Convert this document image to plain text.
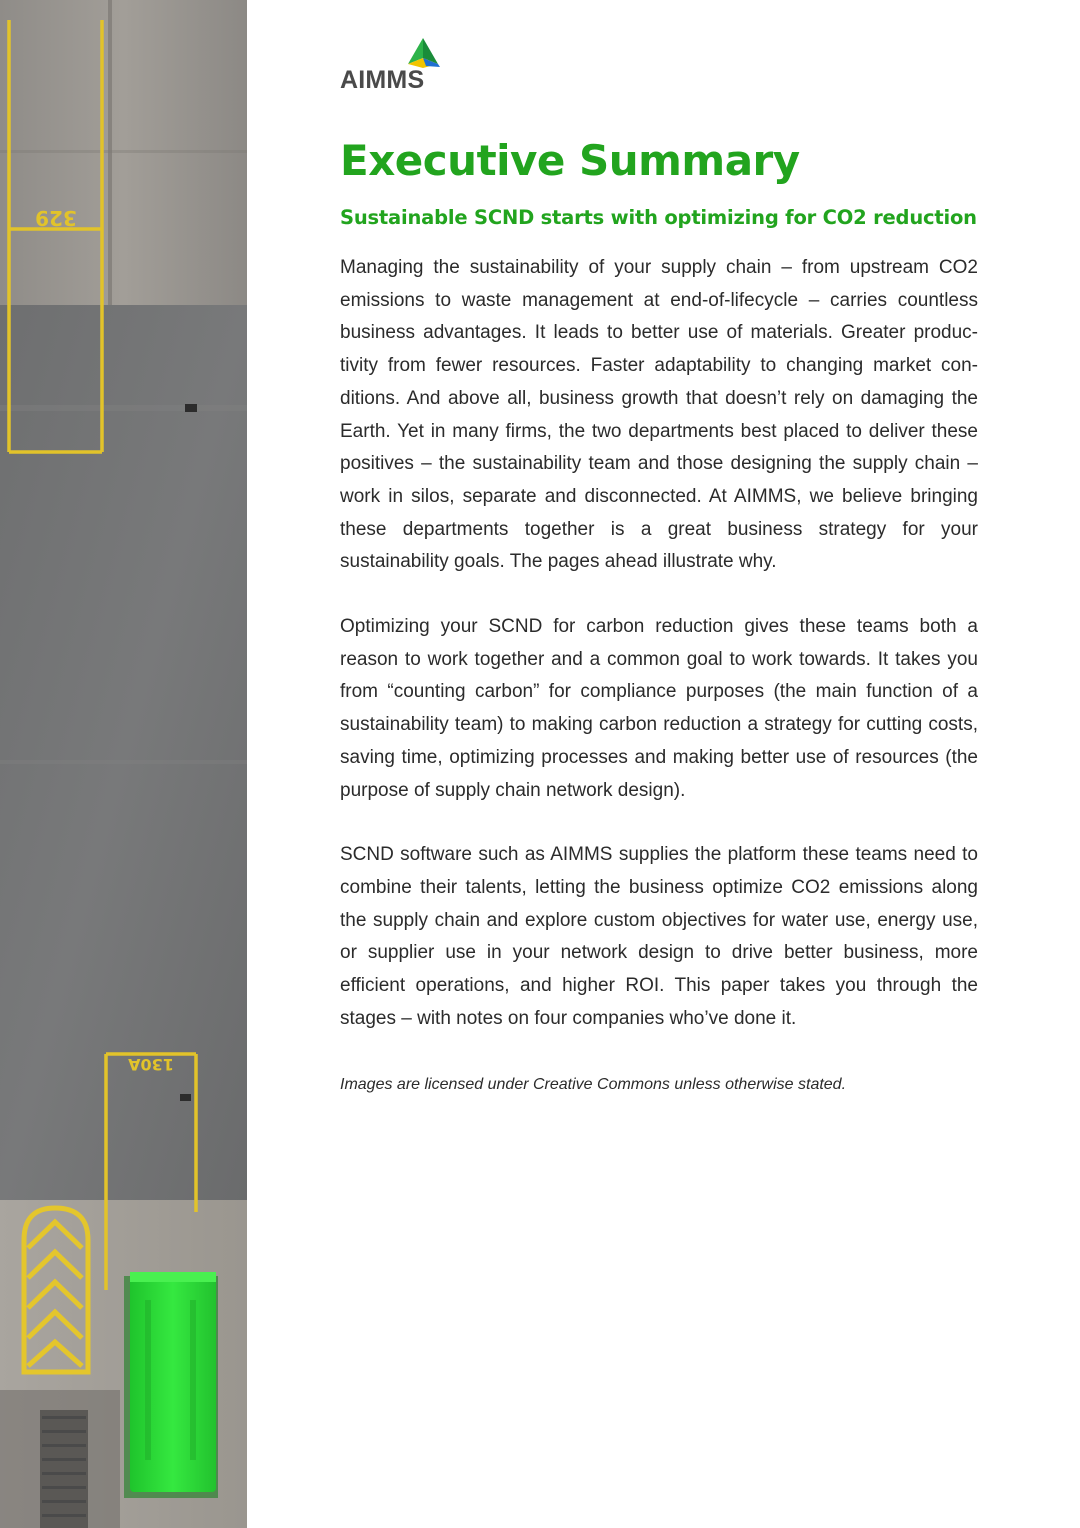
329
130A
AIMMS
Executive Summary
Sustainable SCND starts with optimizing for CO2 reduction

Managing the sustainability of your supply chain – from upstream CO2 emissions to waste management at end-of-lifecycle – carries countless business advantages. It leads to better use of materials. Greater productivity from fewer resources. Faster adaptability to changing market conditions. And above all, business growth that doesn’t rely on damaging the Earth. Yet in many firms, the two departments best placed to deliver these positives – the sustainability team and those designing the supply chain – work in silos, separate and disconnected. At AIMMS, we believe bringing these departments together is a great business strategy for your sustainability goals. The pages ahead illustrate why.

Optimizing your SCND for carbon reduction gives these teams both a reason to work together and a common goal to work towards. It takes you from “counting carbon” for compliance purposes (the main function of a sustainability team) to making carbon reduction a strategy for cutting costs, saving time, optimizing processes and making better use of resources (the purpose of supply chain network design).

SCND software such as AIMMS supplies the platform these teams need to combine their talents, letting the business optimize CO2 emissions along the supply chain and explore custom objectives for water use, energy use, or supplier use in your network design to drive better business, more efficient operations, and higher ROI. This paper takes you through the stages – with notes on four companies who’ve done it.

Images are licensed under Creative Commons unless otherwise stated.
